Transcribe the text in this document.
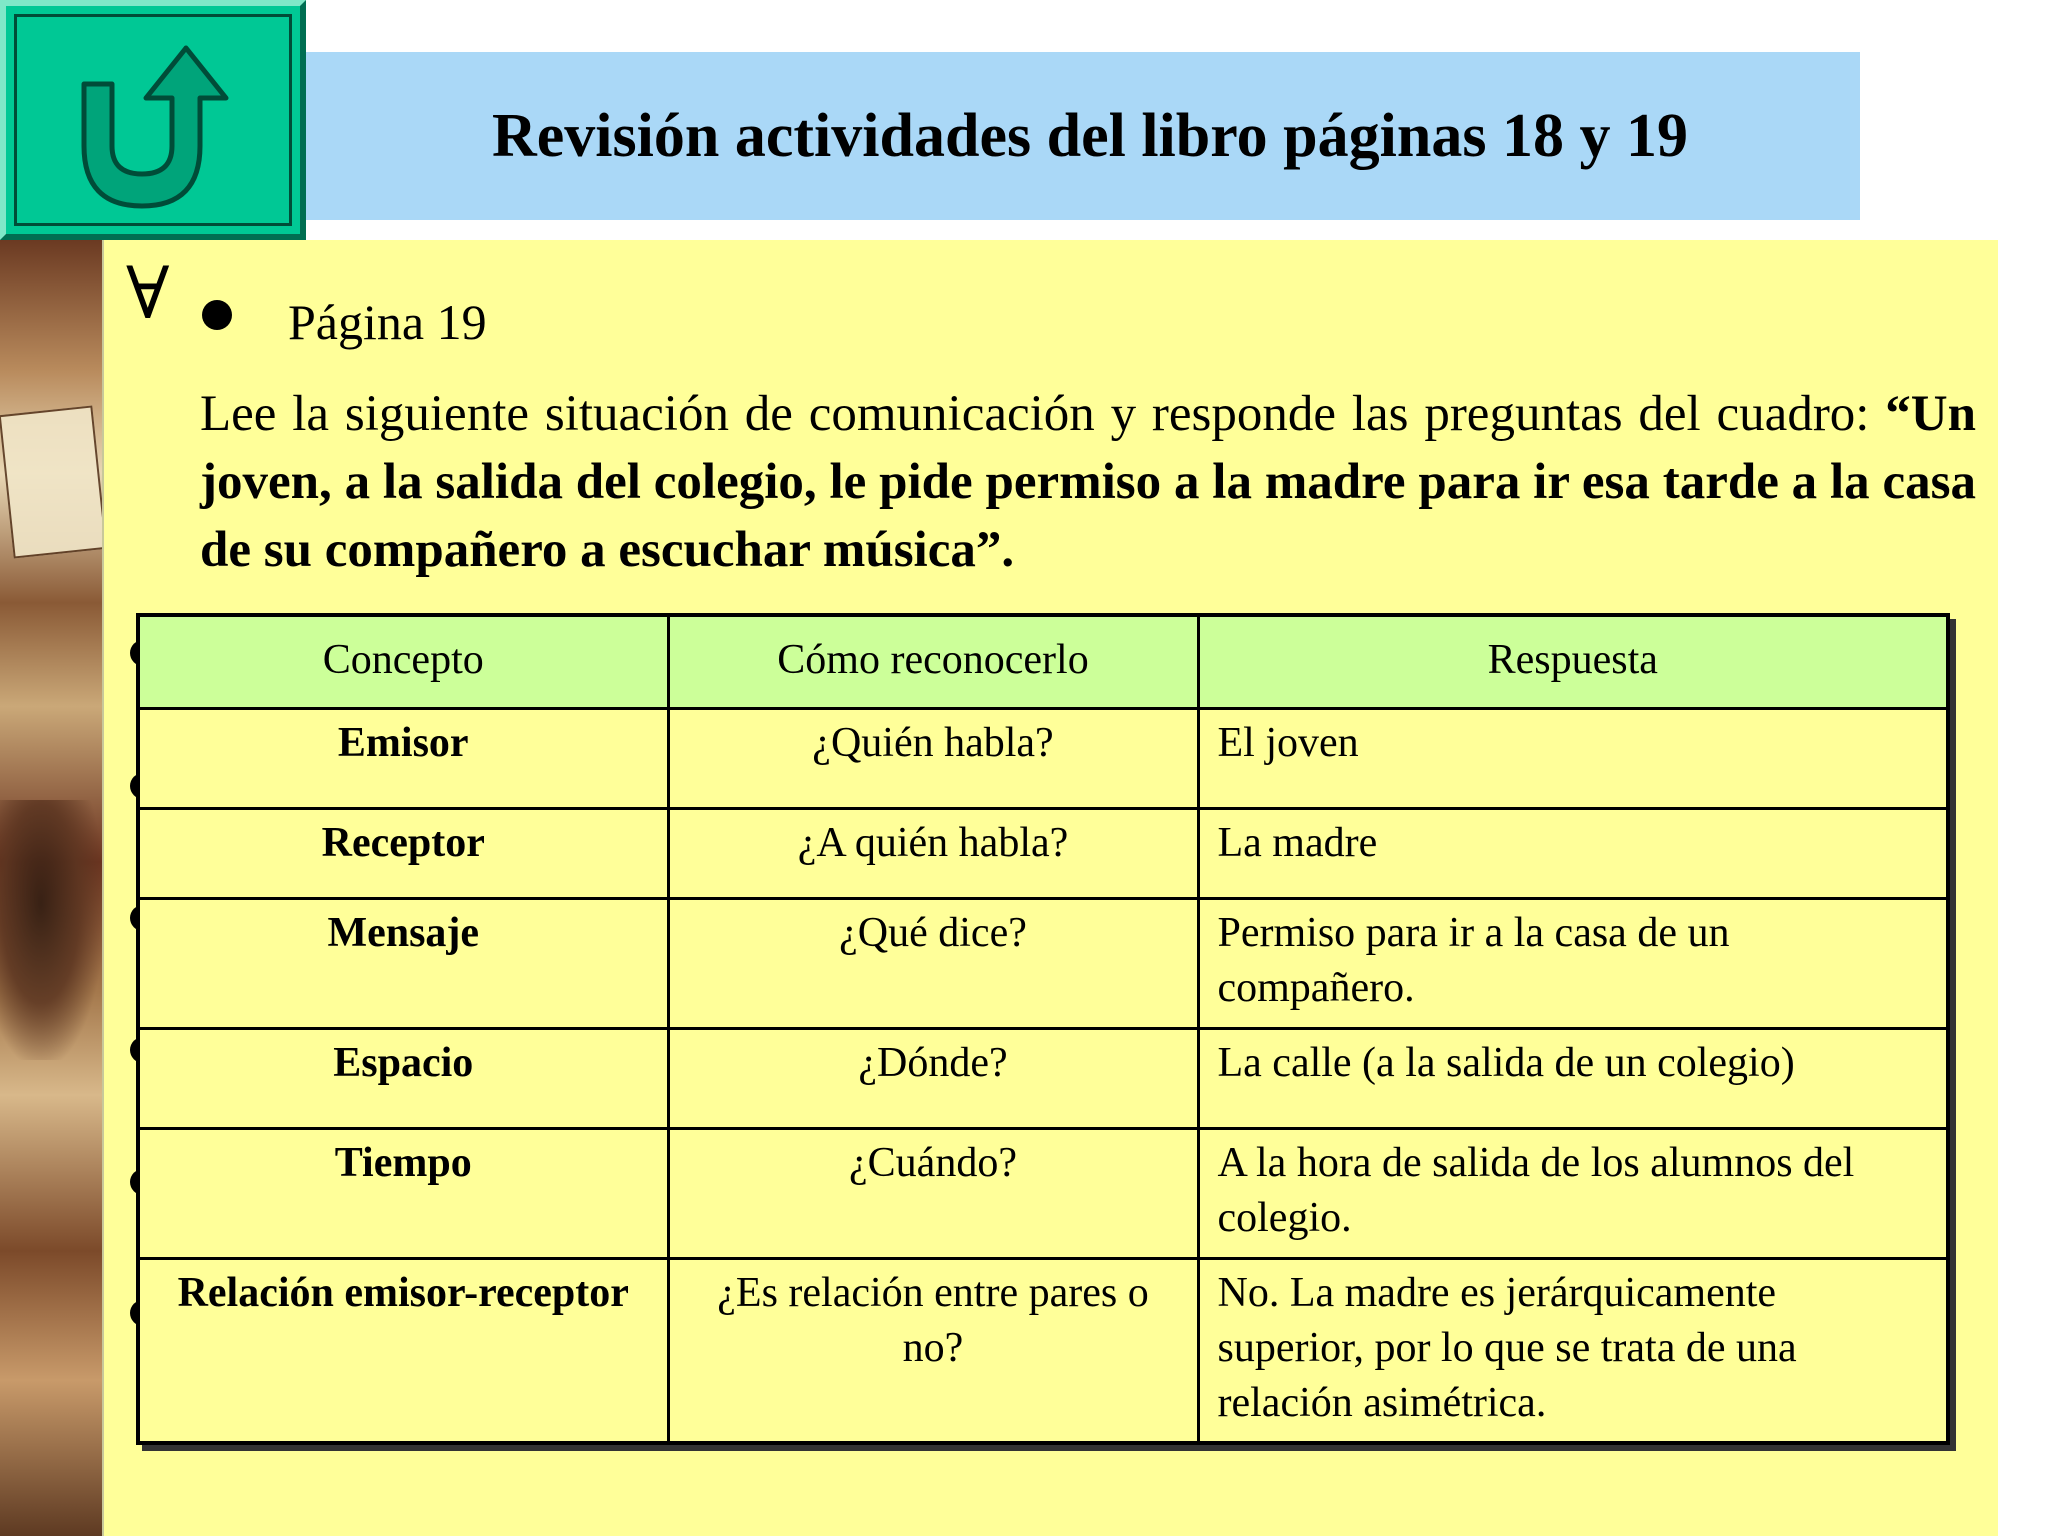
Revisión actividades del libro páginas 18 y 19
∀ Página 19

Lee la siguiente situación de comunicación y responde las preguntas del cuadro: “Un joven, a la salida del colegio, le pide permiso a la madre para ir esa tarde a la casa de su compañero a escuchar música”.

Concepto	Cómo reconocerlo	Respuesta
Emisor	¿Quién habla?	El joven
Receptor	¿A quién habla?	La madre
Mensaje	¿Qué dice?	Permiso para ir a la casa de un compañero.
Espacio	¿Dónde?	La calle (a la salida de un colegio)
Tiempo	¿Cuándo?	A la hora de salida de los alumnos del colegio.
Relación emisor-receptor	¿Es relación entre pares o no?	No. La madre es jerárquicamente superior, por lo que se trata de una relación asimétrica.
